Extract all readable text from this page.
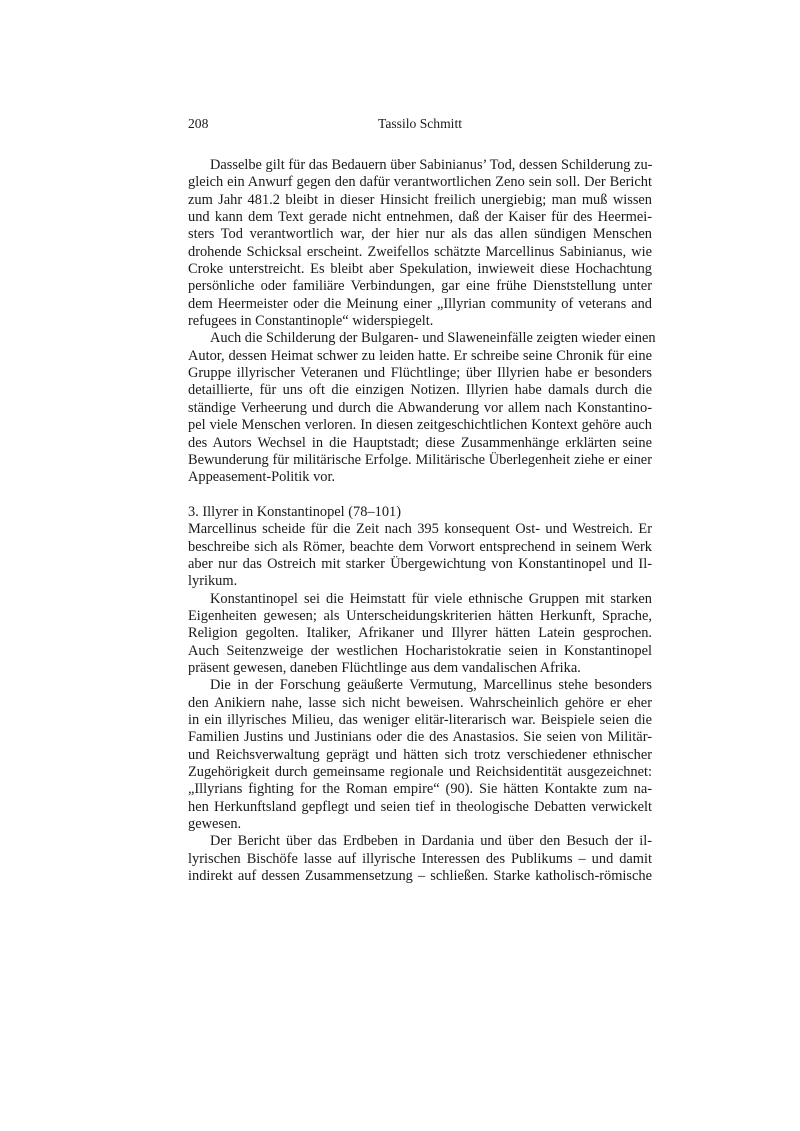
208	Tassilo Schmitt
Dasselbe gilt für das Bedauern über Sabinianus’ Tod, dessen Schilderung zu-
gleich ein Anwurf gegen den dafür verantwortlichen Zeno sein soll. Der Bericht
zum Jahr 481.2 bleibt in dieser Hinsicht freilich unergiebig; man muß wissen
und kann dem Text gerade nicht entnehmen, daß der Kaiser für des Heermei-
sters Tod verantwortlich war, der hier nur als das allen sündigen Menschen
drohende Schicksal erscheint. Zweifellos schätzte Marcellinus Sabinianus, wie
Croke unterstreicht. Es bleibt aber Spekulation, inwieweit diese Hochachtung
persönliche oder familiäre Verbindungen, gar eine frühe Dienststellung unter
dem Heermeister oder die Meinung einer „Illyrian community of veterans and
refugees in Constantinople“ widerspiegelt.
Auch die Schilderung der Bulgaren- und Slaweneinfälle zeigten wieder einen
Autor, dessen Heimat schwer zu leiden hatte. Er schreibe seine Chronik für eine
Gruppe illyrischer Veteranen und Flüchtlinge; über Illyrien habe er besonders
detaillierte, für uns oft die einzigen Notizen. Illyrien habe damals durch die
ständige Verheerung und durch die Abwanderung vor allem nach Konstantino-
pel viele Menschen verloren. In diesen zeitgeschichtlichen Kontext gehöre auch
des Autors Wechsel in die Hauptstadt; diese Zusammenhänge erklärten seine
Bewunderung für militärische Erfolge. Militärische Überlegenheit ziehe er einer
Appeasement-Politik vor.
3. Illyrer in Konstantinopel (78–101)
Marcellinus scheide für die Zeit nach 395 konsequent Ost- und Westreich. Er
beschreibe sich als Römer, beachte dem Vorwort entsprechend in seinem Werk
aber nur das Ostreich mit starker Übergewichtung von Konstantinopel und Il-
lyrikum.
Konstantinopel sei die Heimstatt für viele ethnische Gruppen mit starken
Eigenheiten gewesen; als Unterscheidungskriterien hätten Herkunft, Sprache,
Religion gegolten. Italiker, Afrikaner und Illyrer hätten Latein gesprochen.
Auch Seitenzweige der westlichen Hocharistokratie seien in Konstantinopel
präsent gewesen, daneben Flüchtlinge aus dem vandalischen Afrika.
Die in der Forschung geäußerte Vermutung, Marcellinus stehe besonders
den Anikiern nahe, lasse sich nicht beweisen. Wahrscheinlich gehöre er eher
in ein illyrisches Milieu, das weniger elitär-literarisch war. Beispiele seien die
Familien Justins und Justinians oder die des Anastasios. Sie seien von Militär-
und Reichsverwaltung geprägt und hätten sich trotz verschiedener ethnischer
Zugehörigkeit durch gemeinsame regionale und Reichsidentität ausgezeichnet:
„Illyrians fighting for the Roman empire“ (90). Sie hätten Kontakte zum na-
hen Herkunftsland gepflegt und seien tief in theologische Debatten verwickelt
gewesen.
Der Bericht über das Erdbeben in Dardania und über den Besuch der il-
lyrischen Bischöfe lasse auf illyrische Interessen des Publikums – und damit
indirekt auf dessen Zusammensetzung – schließen. Starke katholisch-römische
